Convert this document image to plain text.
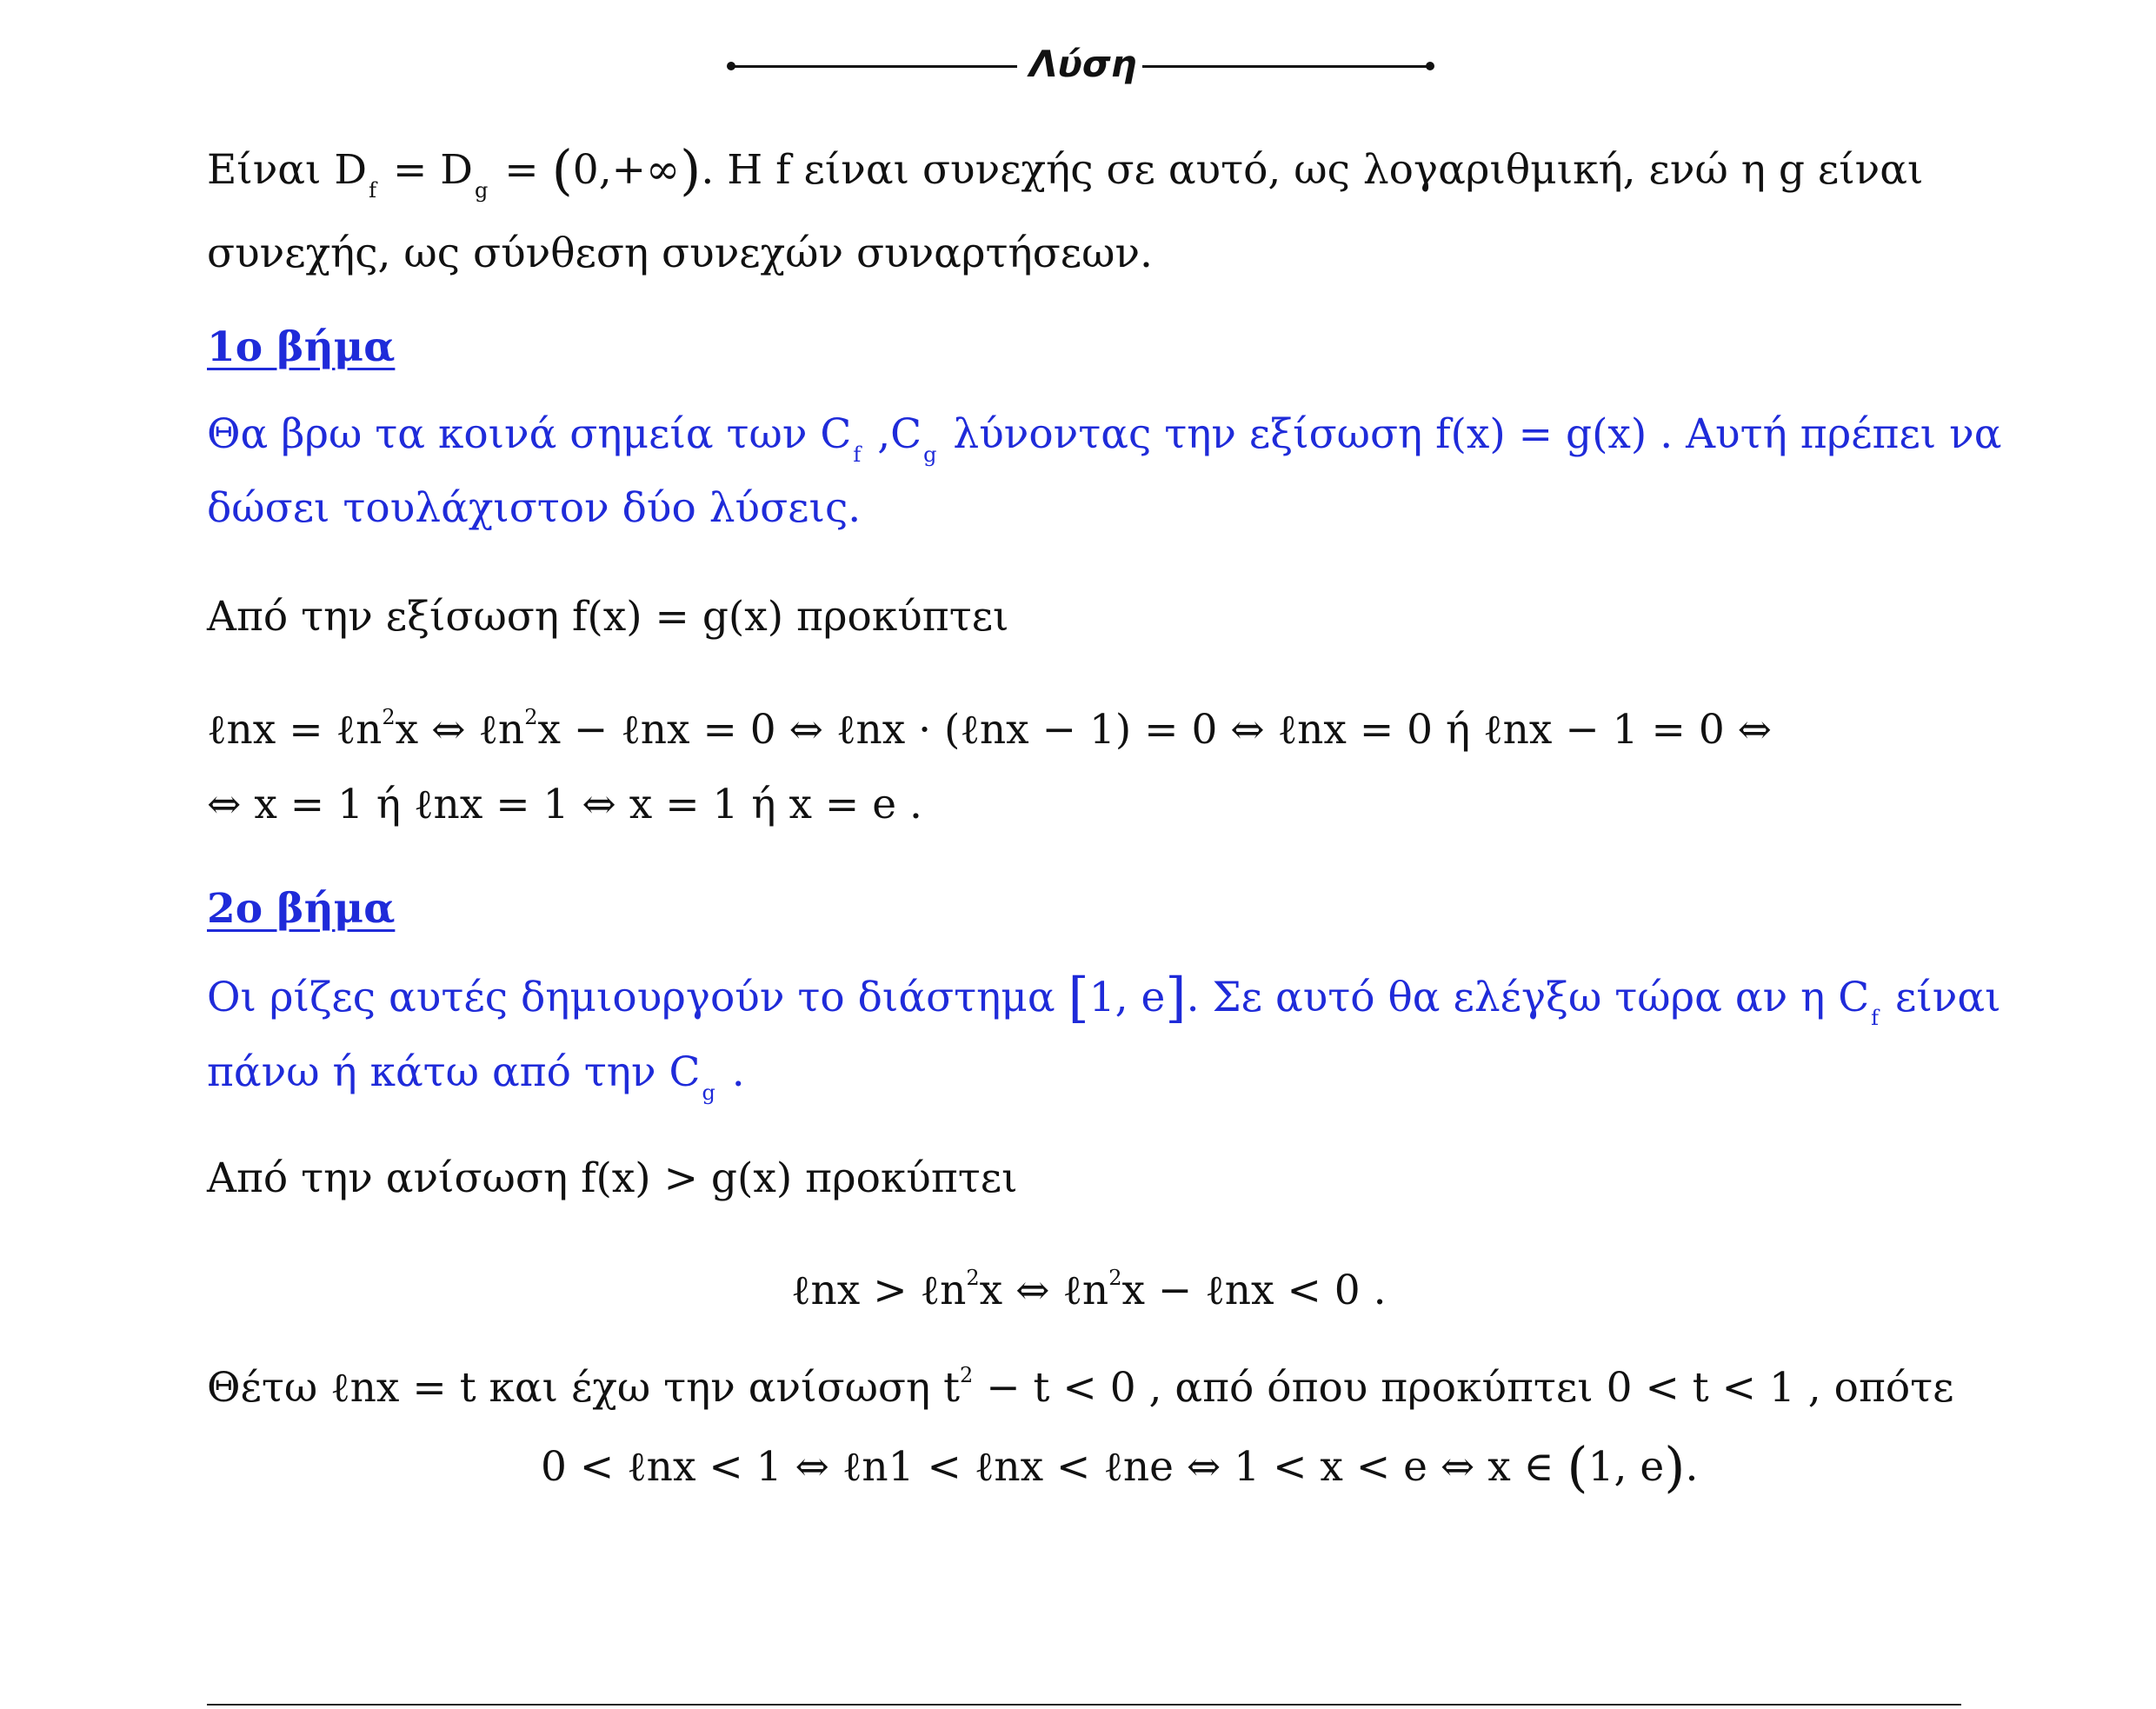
Λύση
Είναι $D_f = D_g = (0,+\infty)$. Η f είναι συνεχής σε αυτό, ως λογαριθμική, ενώ η g είναι
συνεχής, ως σύνθεση συνεχών συναρτήσεων.
1ο βήμα
Θα βρω τα κοινά σημεία των $C_f$ $,C_g$ λύνοντας την εξίσωση f(x) = g(x) . Αυτή πρέπει να
δώσει τουλάχιστον δύο λύσεις.
Από την εξίσωση f(x) = g(x) προκύπτει
ℓnx = ℓn$^2$x ⇔ ℓn$^2$x − ℓnx = 0 ⇔ ℓnx · (ℓnx − 1) = 0 ⇔ ℓnx = 0 ή ℓnx − 1 = 0 ⇔
⇔ x = 1 ή ℓnx = 1 ⇔ x = 1 ή x = e .
2ο βήμα
Οι ρίζες αυτές δημιουργούν το διάστημα [1, e]. Σε αυτό θα ελέγξω τώρα αν η $C_f$ είναι
πάνω ή κάτω από την $C_g$ .
Από την ανίσωση f(x) > g(x) προκύπτει
ℓnx > ℓn$^2$x ⇔ ℓn$^2$x − ℓnx < 0 .
Θέτω ℓnx = t και έχω την ανίσωση $t^2 - t < 0$ , από όπου προκύπτει 0 < t < 1 , οπότε
0 < ℓnx < 1 ⇔ ℓn1 < ℓnx < ℓne ⇔ 1 < x < e ⇔ x ∈ (1, e).
